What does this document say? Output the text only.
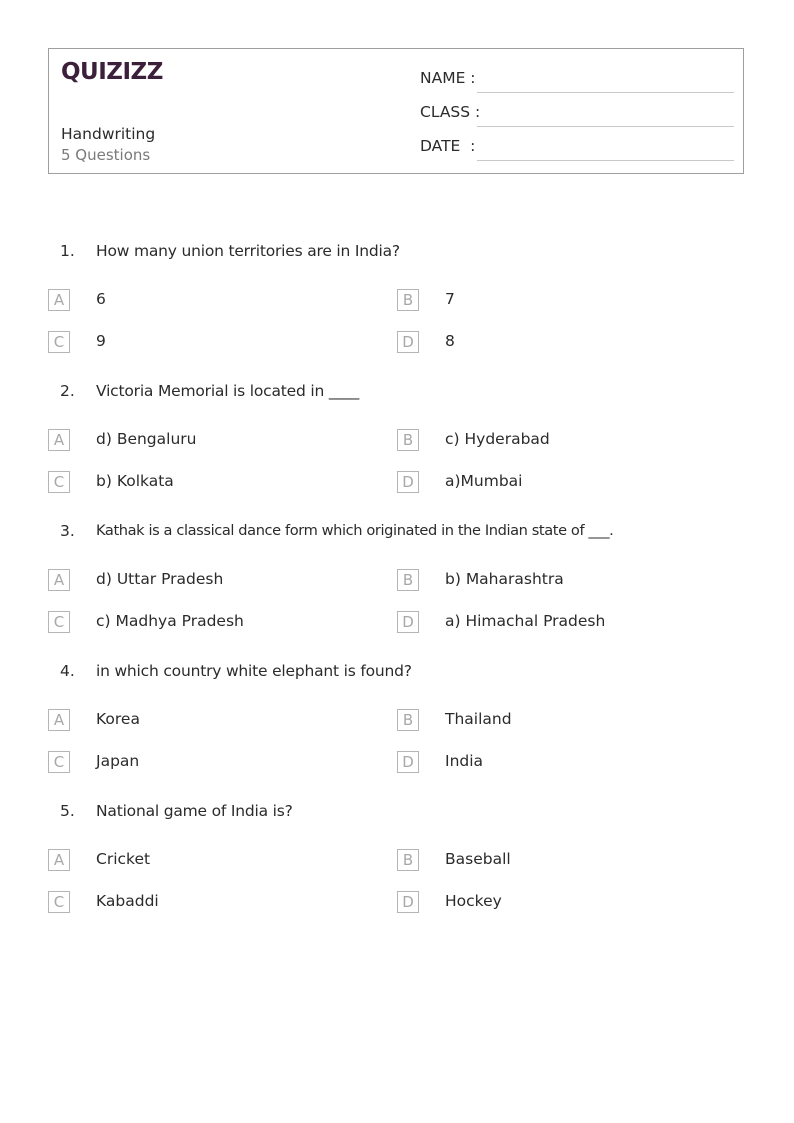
QUIZIZZ
Handwriting
5 Questions
NAME :
CLASS :
DATE  :
1. How many union territories are in India?
A	6	B	7
C	9	D	8
2. Victoria Memorial is located in ____
A	d) Bengaluru	B	c) Hyderabad
C	b) Kolkata	D	a)Mumbai
3. Kathak is a classical dance form which originated in the Indian state of ___.
A	d) Uttar Pradesh	B	b) Maharashtra
C	c) Madhya Pradesh	D	a) Himachal Pradesh
4. in which country white elephant is found?
A	Korea	B	Thailand
C	Japan	D	India
5. National game of India is?
A	Cricket	B	Baseball
C	Kabaddi	D	Hockey
